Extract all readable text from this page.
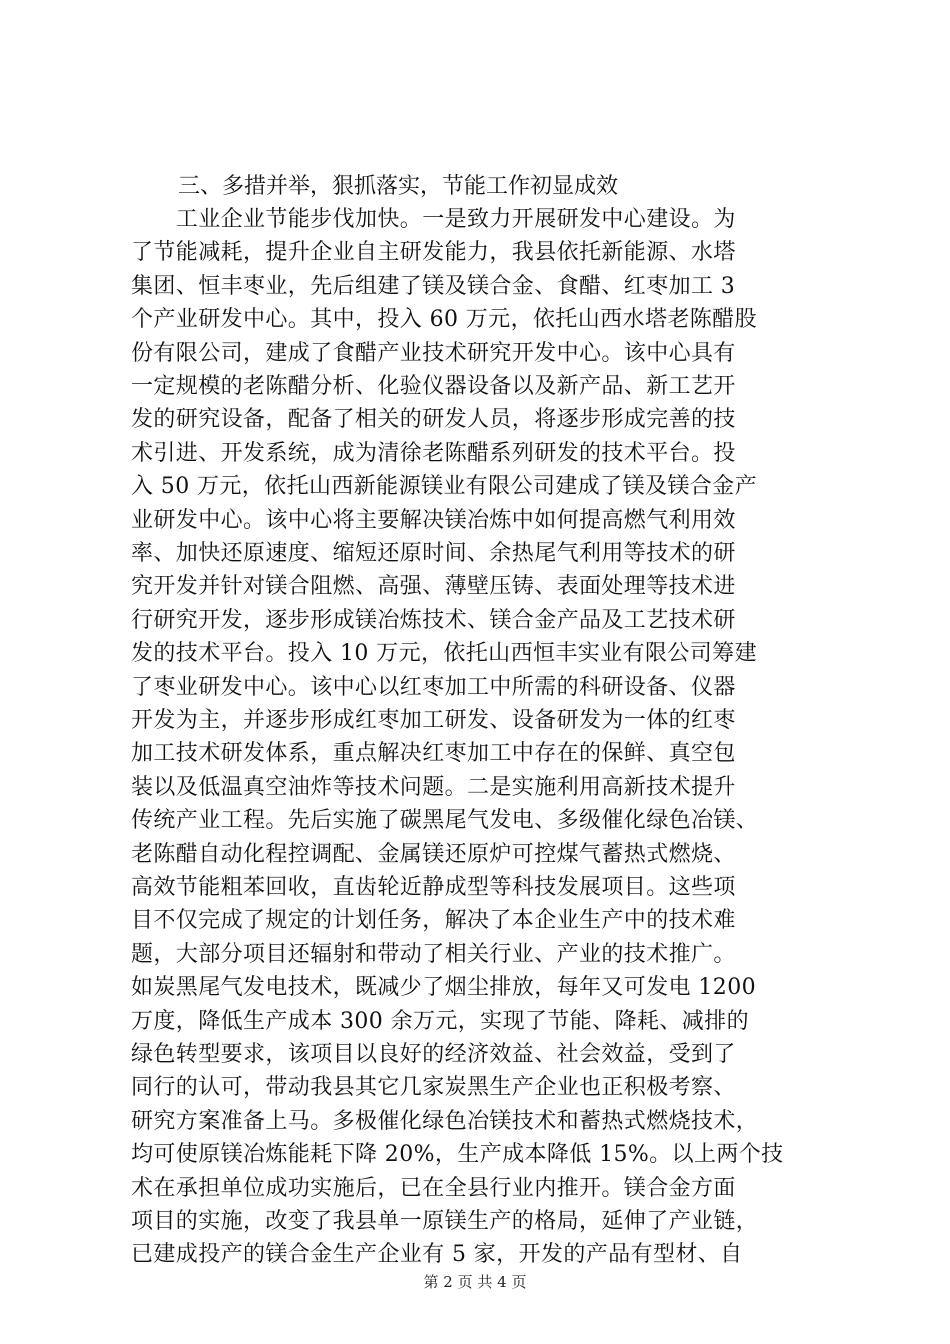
三、多措并举，狠抓落实，节能工作初显成效
　　工业企业节能步伐加快。一是致力开展研发中心建设。为
了节能减耗，提升企业自主研发能力，我县依托新能源、水塔
集团、恒丰枣业，先后组建了镁及镁合金、食醋、红枣加工 3
个产业研发中心。其中，投入 60 万元，依托山西水塔老陈醋股
份有限公司，建成了食醋产业技术研究开发中心。该中心具有
一定规模的老陈醋分析、化验仪器设备以及新产品、新工艺开
发的研究设备，配备了相关的研发人员，将逐步形成完善的技
术引进、开发系统，成为清徐老陈醋系列研发的技术平台。投
入 50 万元，依托山西新能源镁业有限公司建成了镁及镁合金产
业研发中心。该中心将主要解决镁冶炼中如何提高燃气利用效
率、加快还原速度、缩短还原时间、余热尾气利用等技术的研
究开发并针对镁合阻燃、高强、薄壁压铸、表面处理等技术进
行研究开发，逐步形成镁冶炼技术、镁合金产品及工艺技术研
发的技术平台。投入 10 万元，依托山西恒丰实业有限公司筹建
了枣业研发中心。该中心以红枣加工中所需的科研设备、仪器
开发为主，并逐步形成红枣加工研发、设备研发为一体的红枣
加工技术研发体系，重点解决红枣加工中存在的保鲜、真空包
装以及低温真空油炸等技术问题。二是实施利用高新技术提升
传统产业工程。先后实施了碳黑尾气发电、多级催化绿色冶镁、
老陈醋自动化程控调配、金属镁还原炉可控煤气蓄热式燃烧、
高效节能粗苯回收，直齿轮近静成型等科技发展项目。这些项
目不仅完成了规定的计划任务，解决了本企业生产中的技术难
题，大部分项目还辐射和带动了相关行业、产业的技术推广。
如炭黑尾气发电技术，既减少了烟尘排放，每年又可发电 1200
万度，降低生产成本 300 余万元，实现了节能、降耗、减排的
绿色转型要求，该项目以良好的经济效益、社会效益，受到了
同行的认可，带动我县其它几家炭黑生产企业也正积极考察、
研究方案准备上马。多极催化绿色冶镁技术和蓄热式燃烧技术，
均可使原镁冶炼能耗下降 20%，生产成本降低 15%。以上两个技
术在承担单位成功实施后，已在全县行业内推开。镁合金方面
项目的实施，改变了我县单一原镁生产的格局，延伸了产业链，
已建成投产的镁合金生产企业有 5 家，开发的产品有型材、自
第 2 页 共 4 页
